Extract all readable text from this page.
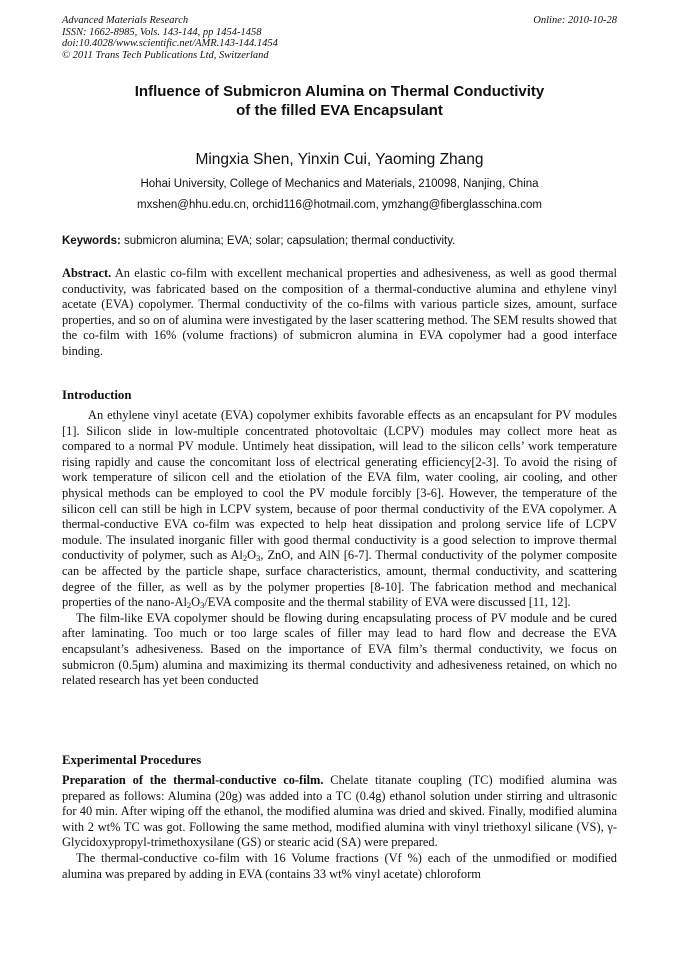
Advanced Materials Research
ISSN: 1662-8985, Vols. 143-144, pp 1454-1458
doi:10.4028/www.scientific.net/AMR.143-144.1454
© 2011 Trans Tech Publications Ltd, Switzerland
Online: 2010-10-28
Influence of Submicron Alumina on Thermal Conductivity
of the filled EVA Encapsulant
Mingxia Shen, Yinxin Cui, Yaoming Zhang
Hohai University, College of Mechanics and Materials, 210098, Nanjing, China
mxshen@hhu.edu.cn, orchid116@hotmail.com, ymzhang@fiberglasschina.com
Keywords: submicron alumina; EVA; solar; capsulation; thermal conductivity.

Abstract. An elastic co-film with excellent mechanical properties and adhesiveness, as well as good thermal conductivity, was fabricated based on the composition of a thermal-conductive alumina and ethylene vinyl acetate (EVA) copolymer. Thermal conductivity of the co-films with various particle sizes, amount, surface properties, and so on of alumina were investigated by the laser scattering method. The SEM results showed that the co-film with 16% (volume fractions) of submicron alumina in EVA copolymer had a good interface binding.

Introduction

An ethylene vinyl acetate (EVA) copolymer exhibits favorable effects as an encapsulant for PV modules [1]. Silicon slide in low-multiple concentrated photovoltaic (LCPV) modules may collect more heat as compared to a normal PV module. Untimely heat dissipation, will lead to the silicon cells’ work temperature rising rapidly and cause the concomitant loss of electrical generating efficiency[2-3]. To avoid the rising of work temperature of silicon cell and the etiolation of the EVA film, water cooling, air cooling, and other physical methods can be employed to cool the PV module forcibly [3-6]. However, the temperature of the silicon cell can still be high in LCPV system, because of poor thermal conductivity of the EVA copolymer. A thermal-conductive EVA co-film was expected to help heat dissipation and prolong service life of LCPV module. The insulated inorganic filler with good thermal conductivity is a good selection to improve thermal conductivity of polymer, such as $Al_2O_3$, ZnO, and AlN [6-7]. Thermal conductivity of the polymer composite can be affected by the particle shape, surface characteristics, amount, thermal conductivity, and scattering degree of the filler, as well as by the polymer properties [8-10]. The fabrication method and mechanical properties of the nano-$Al_2O_3$/EVA composite and the thermal stability of EVA were discussed [11, 12].

The film-like EVA copolymer should be flowing during encapsulating process of PV module and be cured after laminating. Too much or too large scales of filler may lead to hard flow and decrease the EVA encapsulant’s adhesiveness. Based on the importance of EVA film’s thermal conductivity, we focus on submicron (0.5μm) alumina and maximizing its thermal conductivity and adhesiveness retained, on which no related research has yet been conducted

Experimental Procedures

Preparation of the thermal-conductive co-film. Chelate titanate coupling (TC) modified alumina was prepared as follows: Alumina (20g) was added into a TC (0.4g) ethanol solution under stirring and ultrasonic for 40 min. After wiping off the ethanol, the modified alumina was dried and skived. Finally, modified alumina with 2 wt% TC was got. Following the same method, modified alumina with vinyl triethoxyl silicane (VS), γ-Glycidoxypropyl-trimethoxysilane (GS) or stearic acid (SA) were prepared.

The thermal-conductive co-film with 16 Volume fractions (Vf %) each of the unmodified or modified alumina was prepared by adding in EVA (contains 33 wt% vinyl acetate) chloroform
